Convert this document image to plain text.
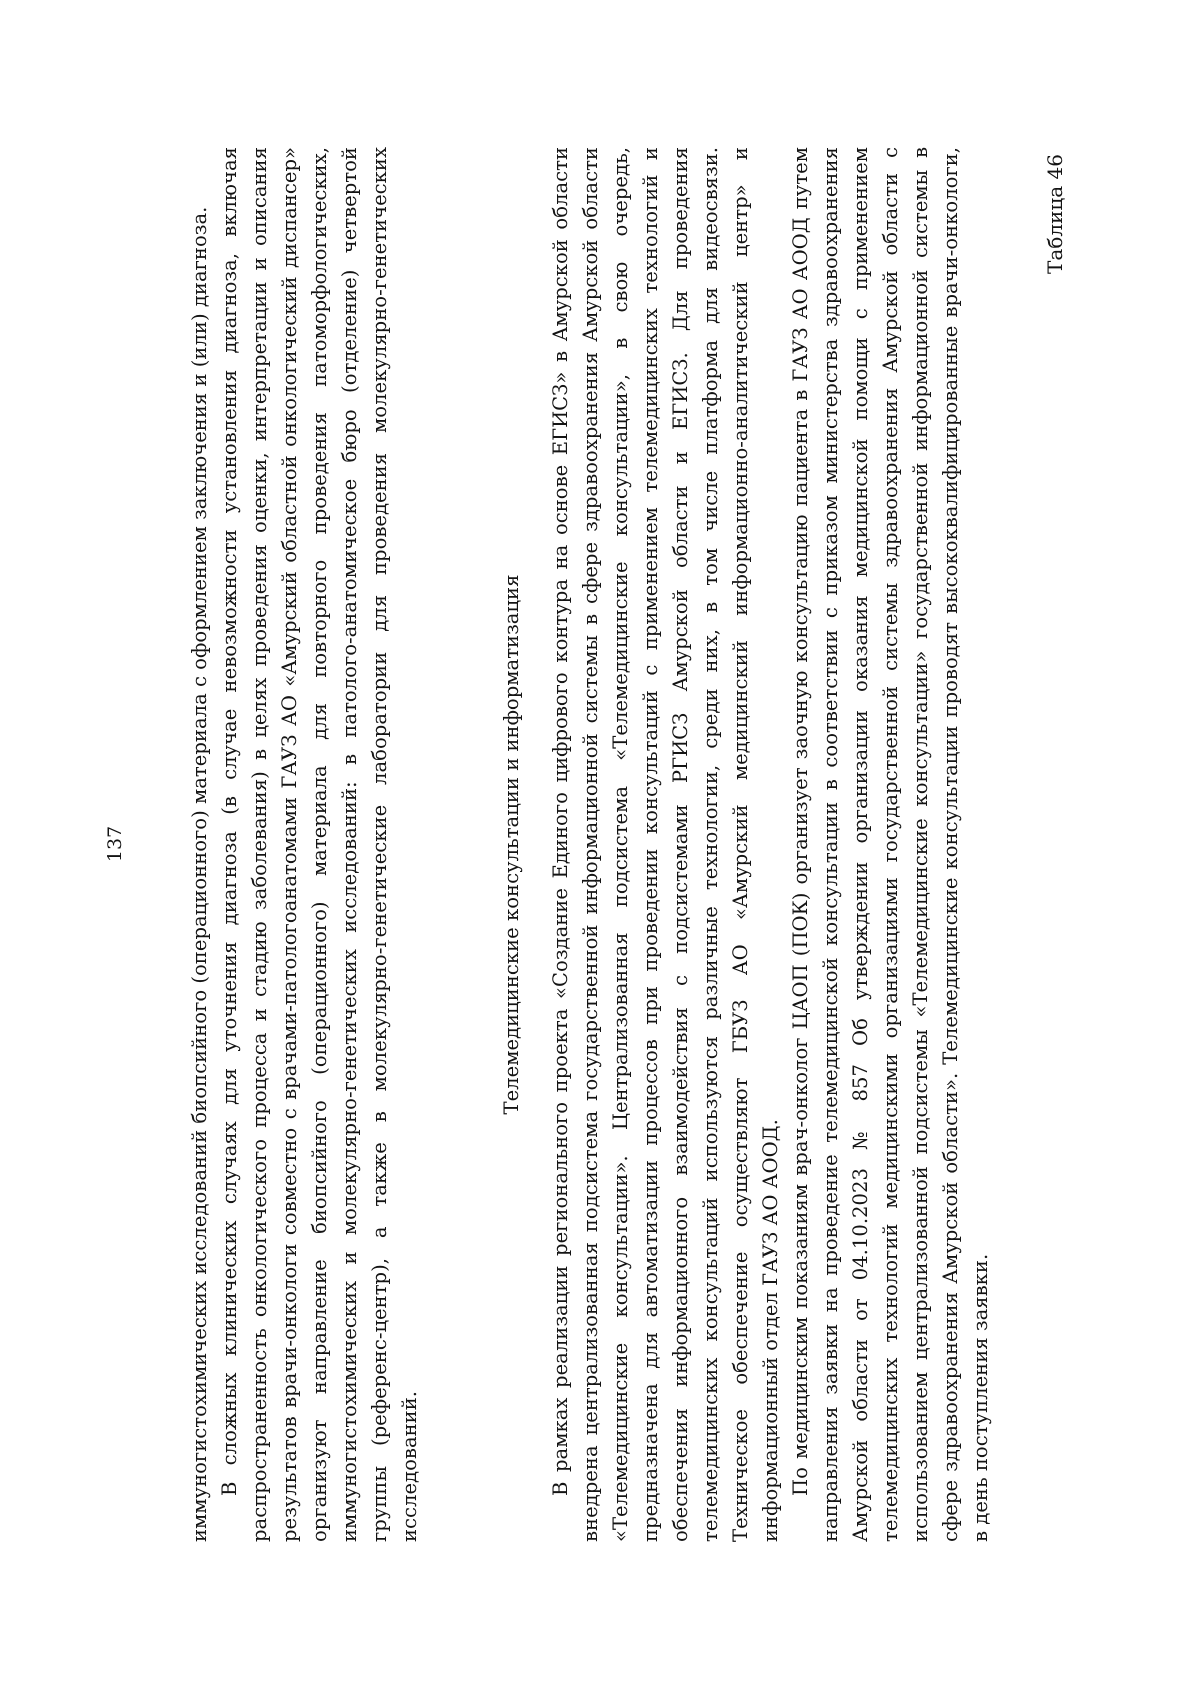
137	иммуногистохимических исследований биопсийного (операционного) материала с оформлением заключения и (или) диагноза. В сложных клинических случаях для уточнения диагноза (в случае невозможности установления диагноза, включая распространенность онкологического процесса и стадию заболевания) в целях проведения оценки, интерпретации и описания результатов врачи-онкологи совместно с врачами-патологоанатомами ГАУЗ АО «Амурский областной онкологический диспансер» организуют направление биопсийного (операционного) материала для повторного проведения патоморфологических, иммуногистохимических и молекулярно-генетических исследований: в патолого-анатомическое бюро (отделение) четвертой группы (референс-центр), а также в молекулярно-генетические лаборатории для проведения молекулярно-генетических исследований.

Телемедицинские консультации и информатизация В рамках реализации регионального проекта «Создание Единого цифрового контура на основе ЕГИСЗ» в Амурской области внедрена централизованная подсистема государственной информационной системы в сфере здравоохранения Амурской области «Телемедицинские консультации». Централизованная подсистема «Телемедицинские консультации», в свою очередь, предназначена для автоматизации процессов при проведении консультаций с применением телемедицинских технологий и обеспечения информационного взаимодействия с подсистемами РГИСЗ Амурской области и ЕГИСЗ. Для проведения телемедицинских консультаций используются различные технологии, среди них, в том числе платформа для видеосвязи. Техническое обеспечение осуществляют ГБУЗ АО «Амурский медицинский информационно-аналитический центр» и информационный отдел ГАУЗ АО АООД. По медицинским показаниям врач-онколог ЦАОП (ПОК) организует заочную консультацию пациента в ГАУЗ АО АООД путем направления заявки на проведение телемедицинской консультации в соответствии с приказом министерства здравоохранения Амурской области от 04.10.2023 № 857 Об утверждении организации оказания медицинской помощи с применением телемедицинских технологий медицинскими организациями государственной системы здравоохранения Амурской области с использованием централизованной подсистемы «Телемедицинские консультации» государственной информационной системы в сфере здравоохранения Амурской области». Телемедицинские консультации проводят высококвалифицированные врачи-онкологи, в день поступления заявки.

Таблица 46
